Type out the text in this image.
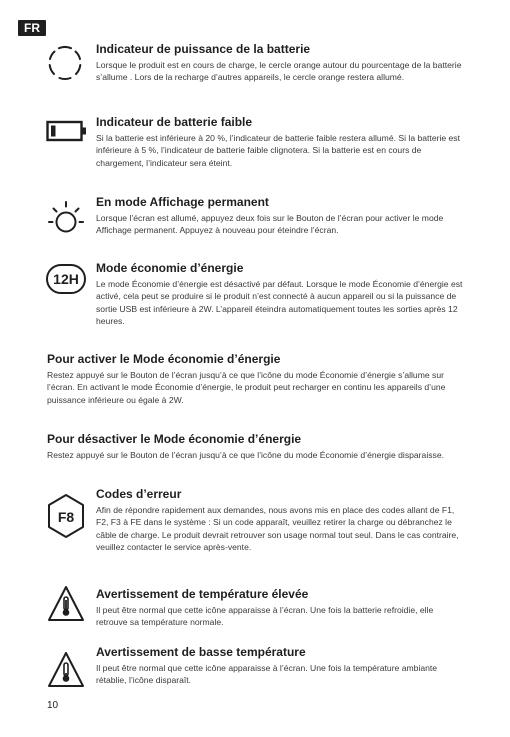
FR
Indicateur de puissance de la batterie

Lorsque le produit est en cours de charge, le cercle orange autour du pourcentage de la batterie s’allume . Lors de la recharge d’autres appareils, le cercle orange restera allumé.

Indicateur de batterie faible

Si la batterie est inférieure à 20 %, l’indicateur de batterie faible restera allumé. Si la batterie est inférieure à 5 %, l’indicateur de batterie faible clignotera. Si la batterie est en cours de chargement, l’indicateur sera éteint.

En mode Affichage permanent

Lorsque l’écran est allumé, appuyez deux fois sur le Bouton de l’écran pour activer le mode Affichage permanent. Appuyez à nouveau pour éteindre l’écran.

12H
Mode économie d’énergie

Le mode Économie d’énergie est désactivé par défaut. Lorsque le mode Économie d’énergie est activé, cela peut se produire si le produit n’est connecté à aucun appareil ou si la puissance de sortie USB est inférieure à 2W. L’appareil éteindra automatiquement toutes les sorties après 12 heures.

Pour activer le Mode économie d’énergie

Restez appuyé sur le Bouton de l’écran jusqu’à ce que l’icône du mode Économie d’énergie s’allume sur l’écran. En activant le mode Économie d’énergie, le produit peut recharger en continu les appareils d’une puissance inférieure ou égale à 2W.

Pour désactiver le Mode économie d’énergie

Restez appuyé sur le Bouton de l’écran jusqu’à ce que l’icône du mode Économie d’énergie disparaisse.

F8
Codes d’erreur

Afin de répondre rapidement aux demandes, nous avons mis en place des codes allant de F1, F2, F3 à FE dans le système : Si un code apparaît, veuillez retirer la charge ou débranchez le câble de charge. Le produit devrait retrouver son usage normal tout seul. Dans le cas contraire, veuillez contacter le service après-vente.

Avertissement de température élevée

Il peut être normal que cette icône apparaisse à l’écran. Une fois la batterie refroidie, elle retrouve sa température normale.

Avertissement de basse température

Il peut être normal que cette icône apparaisse à l’écran. Une fois la température ambiante rétablie, l’icône disparaît.

10
